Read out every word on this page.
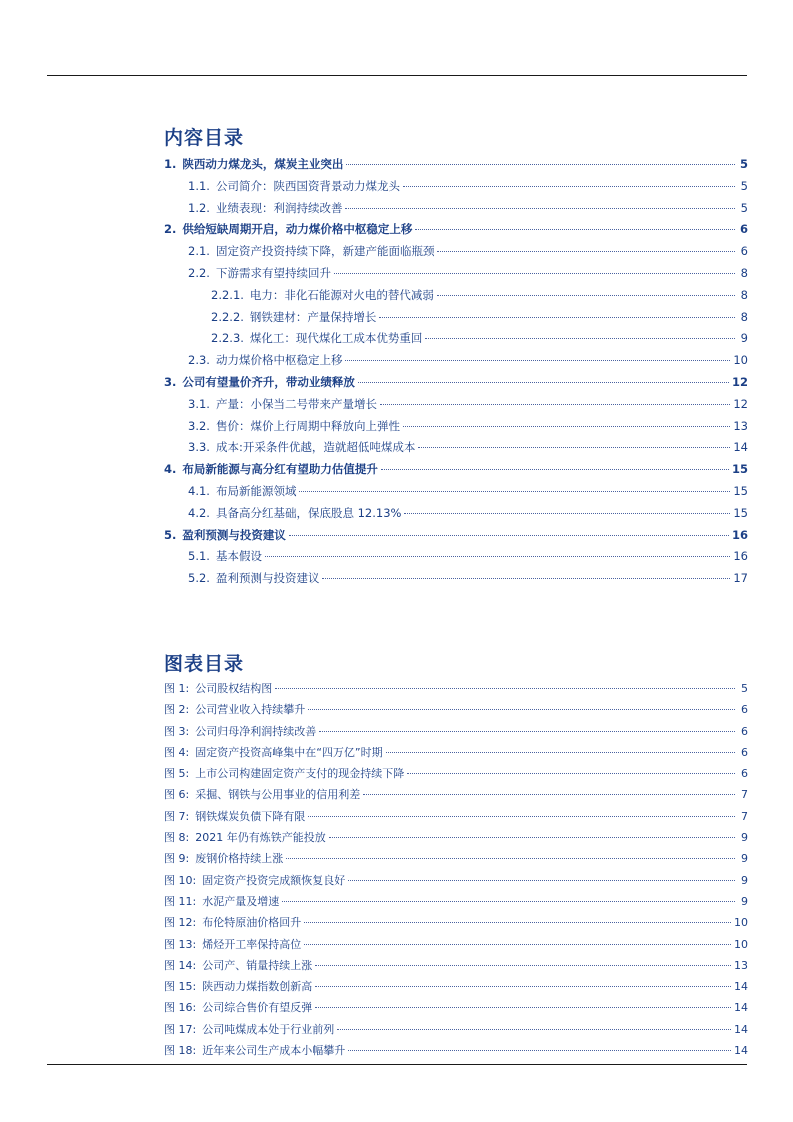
内容目录
1. 陕西动力煤龙头，煤炭主业突出	5
1.1. 公司简介：陕西国资背景动力煤龙头	5
1.2. 业绩表现：利润持续改善	5
2. 供给短缺周期开启，动力煤价格中枢稳定上移	6
2.1. 固定资产投资持续下降，新建产能面临瓶颈	6
2.2. 下游需求有望持续回升	8
2.2.1. 电力：非化石能源对火电的替代减弱	8
2.2.2. 钢铁建材：产量保持增长	8
2.2.3. 煤化工：现代煤化工成本优势重回	9
2.3. 动力煤价格中枢稳定上移	10
3. 公司有望量价齐升，带动业绩释放	12
3.1. 产量：小保当二号带来产量增长	12
3.2. 售价：煤价上行周期中释放向上弹性	13
3.3. 成本:开采条件优越，造就超低吨煤成本	14
4. 布局新能源与高分红有望助力估值提升	15
4.1. 布局新能源领域	15
4.2. 具备高分红基础，保底股息 12.13%	15
5. 盈利预测与投资建议	16
5.1. 基本假设	16
5.2. 盈利预测与投资建议	17
图表目录
图 1: 公司股权结构图	5
图 2: 公司营业收入持续攀升	6
图 3: 公司归母净利润持续改善	6
图 4: 固定资产投资高峰集中在“四万亿”时期	6
图 5: 上市公司构建固定资产支付的现金持续下降	6
图 6: 采掘、钢铁与公用事业的信用利差	7
图 7: 钢铁煤炭负债下降有限	7
图 8: 2021 年仍有炼铁产能投放	9
图 9: 废钢价格持续上涨	9
图 10: 固定资产投资完成额恢复良好	9
图 11: 水泥产量及增速	9
图 12: 布伦特原油价格回升	10
图 13: 烯烃开工率保持高位	10
图 14: 公司产、销量持续上涨	13
图 15: 陕西动力煤指数创新高	14
图 16: 公司综合售价有望反弹	14
图 17: 公司吨煤成本处于行业前列	14
图 18: 近年来公司生产成本小幅攀升	14
